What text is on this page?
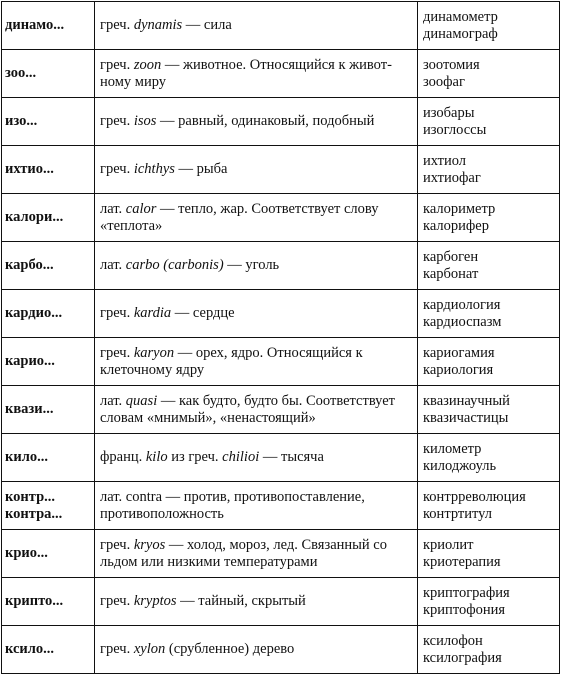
динамо...	греч. dynamis — сила	динамометр
динамограф

зоо...	греч. zoon — животное. Относящийся к живот-
ному миру	зоотомия
зоофаг

изо...	греч. isos — равный, одинаковый, подобный	изобары
изоглоссы

ихтио...	греч. ichthys — рыба	ихтиол
ихтиофаг

калори...	лат. calor — тепло, жар. Соответствует слову
«теплота»	калориметр
калорифер

карбо...	лат. carbo (carbonis) — уголь	карбоген
карбонат

кардио...	греч. kardia — сердце	кардиология
кардиоспазм

карио...	греч. karyon — орех, ядро. Относящийся к
клеточному ядру	кариогамия
кариология

квази...	лат. quasi — как будто, будто бы. Соответствует
словам «мнимый», «ненастоящий»	квазинаучный
квазичастицы

кило...	франц. kilo из греч. chilioi — тысяча	километр
килоджоуль

контр...
контра...	лат. contra — против, противопоставление,
противоположность	контрреволюция
контртитул

крио...	греч. kryos — холод, мороз, лед. Связанный со
льдом или низкими температурами	криолит
криотерапия

крипто...	греч. kryptos — тайный, скрытый	криптография
криптофония

ксило...	греч. xylon (срубленное) дерево	ксилофон
ксилография
